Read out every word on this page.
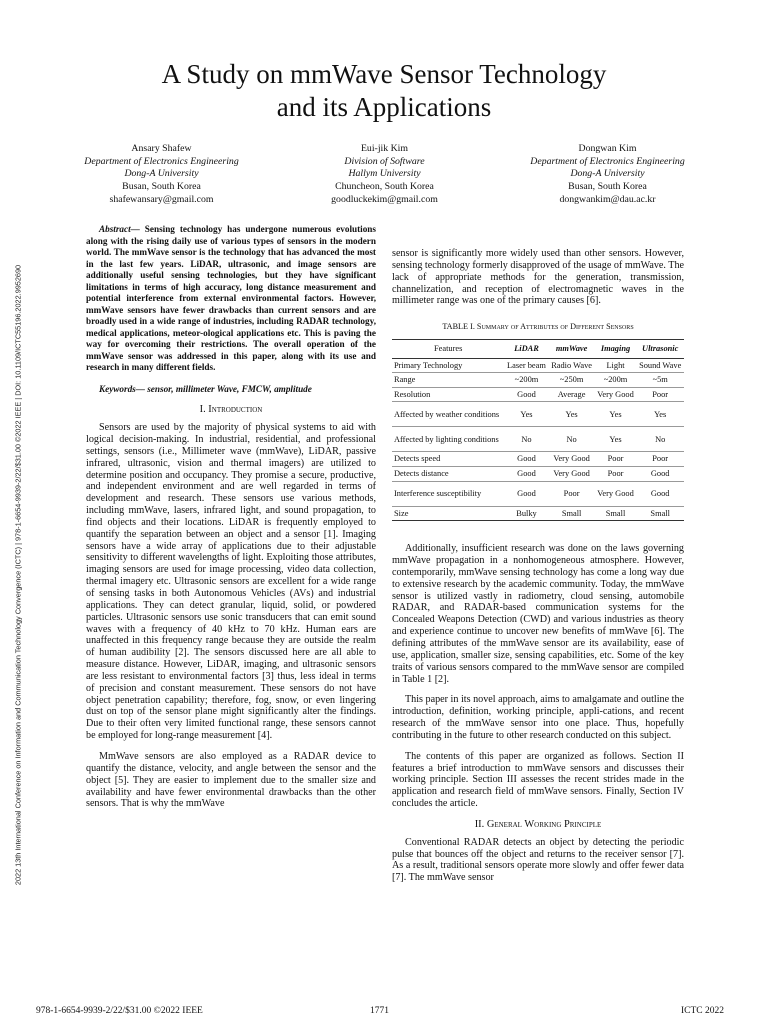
2022 13th International Conference on Information and Communication Technology Convergence (ICTC) | 978-1-6654-9939-2/22/$31.00 ©2022 IEEE | DOI: 10.1109/ICTC55196.2022.9952690
A Study on mmWave Sensor Technology
and its Applications
Ansary Shafew
Department of Electronics Engineering
Dong-A University
Busan, South Korea
shafewansary@gmail.com
Eui-jik Kim
Division of Software
Hallym University
Chuncheon, South Korea
goodluckekim@gmail.com
Dongwan Kim
Department of Electronics Engineering
Dong-A University
Busan, South Korea
dongwankim@dau.ac.kr

Abstract— Sensing technology has undergone numerous evolutions along with the rising daily use of various types of sensors in the modern world. The mmWave sensor is the technology that has advanced the most in the last few years. LiDAR, ultrasonic, and image sensors are additionally useful sensing technologies, but they have significant limitations in terms of high accuracy, long distance measurement and potential interference from external environmental factors. However, mmWave sensors have fewer drawbacks than current sensors and are broadly used in a wide range of industries, including RADAR technology, medical applications, meteor-ological applications etc. This is paving the way for overcoming their restrictions. The overall operation of the mmWave sensor was addressed in this paper, along with its use and research in many different fields.

Keywords— sensor, millimeter Wave, FMCW, amplitude

I. Introduction

Sensors are used by the majority of physical systems to aid with logical decision-making. In industrial, residential, and professional settings, sensors (i.e., Millimeter wave (mmWave), LiDAR, passive infrared, ultrasonic, vision and thermal imagers) are utilized to determine position and occupancy. They promise a secure, productive, and independent environment and are well regarded in terms of development and research. These sensors use various methods, including mmWave, lasers, infrared light, and sound propagation, to find objects and their locations. LiDAR is frequently employed to quantify the separation between an object and a sensor [1]. Imaging sensors have a wide array of applications due to their adjustable sensitivity to different wavelengths of light. Exploiting those attributes, imaging sensors are used for image processing, video data collection, thermal imagery etc. Ultrasonic sensors are excellent for a wide range of sensing tasks in both Autonomous Vehicles (AVs) and industrial applications. They can detect granular, liquid, solid, or powdered particles. Ultrasonic sensors use sonic transducers that can emit sound waves with a frequency of 40 kHz to 70 kHz. Human ears are unaffected in this frequency range because they are outside the realm of human audibility [2]. The sensors discussed here are all able to measure distance. However, LiDAR, imaging, and ultrasonic sensors are less resistant to environmental factors [3] thus, less ideal in terms of precision and constant measurement. These sensors do not have object penetration capability; therefore, fog, snow, or even lingering dust on top of the sensor plane might significantly alter the findings. Due to their often very limited functional range, these sensors cannot be employed for long-range measurement [4].

MmWave sensors are also employed as a RADAR device to quantify the distance, velocity, and angle between the sensor and the object [5]. They are easier to implement due to the smaller size and availability and have fewer environmental drawbacks than the other sensors. That is why the mmWave

sensor is significantly more widely used than other sensors. However, sensing technology formerly disapproved of the usage of mmWave. The lack of appropriate methods for the generation, transmission, channelization, and reception of electromagnetic waves in the millimeter range was one of the primary causes [6].

TABLE I. Summary of Attributes of Different Sensors

Features	LiDAR	mmWave	Imaging	Ultrasonic
Primary Technology	Laser beam	Radio Wave	Light	Sound Wave
Range	~200m	~250m	~200m	~5m
Resolution	Good	Average	Very Good	Poor
Affected by weather conditions	Yes	Yes	Yes	Yes
Affected by lighting conditions	No	No	Yes	No
Detects speed	Good	Very Good	Poor	Poor
Detects distance	Good	Very Good	Poor	Good
Interference susceptibility	Good	Poor	Very Good	Good
Size	Bulky	Small	Small	Small

Additionally, insufficient research was done on the laws governing mmWave propagation in a nonhomogeneous atmosphere. However, contemporarily, mmWave sensing technology has come a long way due to extensive research by the academic community. Today, the mmWave sensor is utilized vastly in radiometry, cloud sensing, automobile RADAR, and RADAR-based communication systems for the Concealed Weapons Detection (CWD) and various industries as theory and experience continue to uncover new benefits of mmWave [6]. The defining attributes of the mmWave sensor are its availability, ease of use, application, smaller size, sensing capabilities, etc. Some of the key traits of various sensors compared to the mmWave sensor are compiled in Table 1 [2].

This paper in its novel approach, aims to amalgamate and outline the introduction, definition, working principle, appli-cations, and recent research of the mmWave sensor into one place. Thus, hopefully contributing in the future to other research conducted on this subject.

The contents of this paper are organized as follows. Section II features a brief introduction to mmWave sensors and discusses their working principle. Section III assesses the recent strides made in the application and research field of mmWave sensors. Finally, Section IV concludes the article.

II. General Working Principle

Conventional RADAR detects an object by detecting the periodic pulse that bounces off the object and returns to the receiver sensor [7]. As a result, traditional sensors operate more slowly and offer fewer data [7]. The mmWave sensor

978-1-6654-9939-2/22/$31.00 ©2022 IEEE	1771	ICTC 2022
